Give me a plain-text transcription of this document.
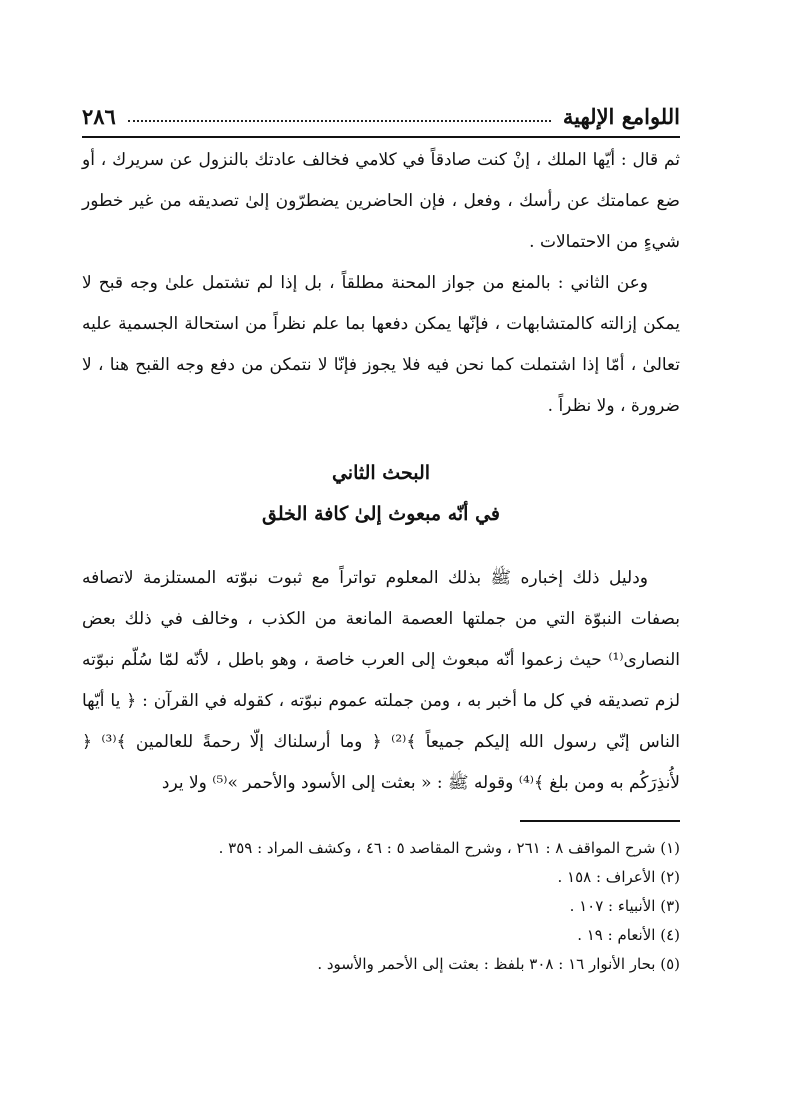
اللوامع الإلهية
٢٨٦

ثم قال : أيّها الملك ، إنْ كنت صادقاً في كلامي فخالف عادتك بالنزول عن سريرك ، أو ضع عمامتك عن رأسك ، وفعل ، فإن الحاضرين يضطرّون إلىٰ تصديقه من غير خطور شيءٍ من الاحتمالات .

وعن الثاني : بالمنع من جواز المحنة مطلقاً ، بل إذا لم تشتمل علىٰ وجه قبح لا يمكن إزالته كالمتشابهات ، فإنّها يمكن دفعها بما علم نظراً من استحالة الجسمية عليه تعالىٰ ، أمّا إذا اشتملت كما نحن فيه فلا يجوز فإنّا لا نتمكن من دفع وجه القبح هنا ، لا ضرورة ، ولا نظراً .

البحث الثاني
في أنّه مبعوث إلىٰ كافة الخلق

ودليل ذلك إخباره ﷺ بذلك المعلوم تواتراً مع ثبوت نبوّته المستلزمة لاتصافه بصفات النبوّة التي من جملتها العصمة المانعة من الكذب ، وخالف في ذلك بعض النصارى⁽¹⁾ حيث زعموا أنّه مبعوث إلى العرب خاصة ، وهو باطل ، لأنّه لمّا سُلّم نبوّته لزم تصديقه في كل ما أخبر به ، ومن جملته عموم نبوّته ، كقوله في القرآن : ﴿ يا أيّها الناس إنّي رسول الله إليكم جميعاً ﴾⁽²⁾ ﴿ وما أرسلناك إلّا رحمةً للعالمين ﴾⁽³⁾ ﴿ لأُنذِرَكُم به ومن بلغ ﴾⁽⁴⁾ وقوله ﷺ : « بعثت إلى الأسود والأحمر »⁽⁵⁾ ولا يرد

(١) شرح المواقف ٨ : ٢٦١ ، وشرح المقاصد ٥ : ٤٦ ، وكشف المراد : ٣٥٩ .
(٢) الأعراف : ١٥٨ .
(٣) الأنبياء : ١٠٧ .
(٤) الأنعام : ١٩ .
(٥) بحار الأنوار ١٦ : ٣٠٨ بلفظ : بعثت إلى الأحمر والأسود .
